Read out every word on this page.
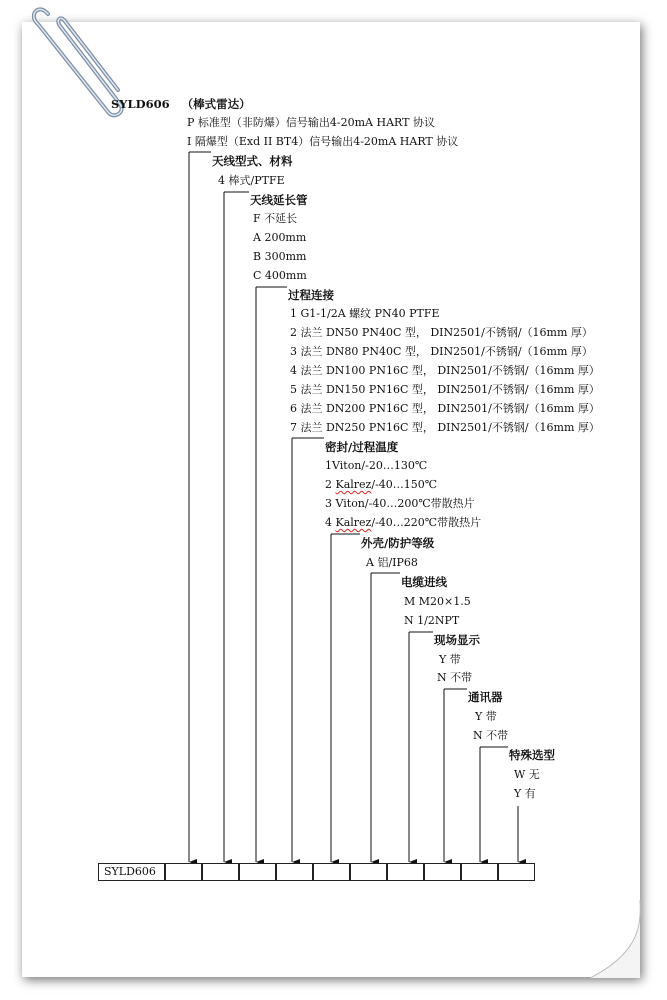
SYLD606 （棒式雷达）
P 标准型（非防爆）信号输出4-20mA HART 协议
I 隔爆型（Exd II BT4）信号输出4-20mA HART 协议
天线型式、材料
4 棒式/PTFE
天线延长管
F 不延长
A 200mm
B 300mm
C 400mm
过程连接
1 G1-1/2A 螺纹 PN40 PTFE
2 法兰 DN50 PN40C 型， DIN2501/不锈钢/（16mm 厚）
3 法兰 DN80 PN40C 型， DIN2501/不锈钢/（16mm 厚）
4 法兰 DN100 PN16C 型， DIN2501/不锈钢/（16mm 厚）
5 法兰 DN150 PN16C 型， DIN2501/不锈钢/（16mm 厚）
6 法兰 DN200 PN16C 型， DIN2501/不锈钢/（16mm 厚）
7 法兰 DN250 PN16C 型， DIN2501/不锈钢/（16mm 厚）
密封/过程温度
1Viton/-20…130℃
2 Kalrez/-40…150℃
3 Viton/-40…200℃带散热片
4 Kalrez/-40…220℃带散热片
外壳/防护等级
A 铝/IP68
电缆进线
M M20×1.5
N 1/2NPT
现场显示
Y 带
N 不带
通讯器
Y 带
N 不带
特殊选型
W 无
Y 有
SYLD606
